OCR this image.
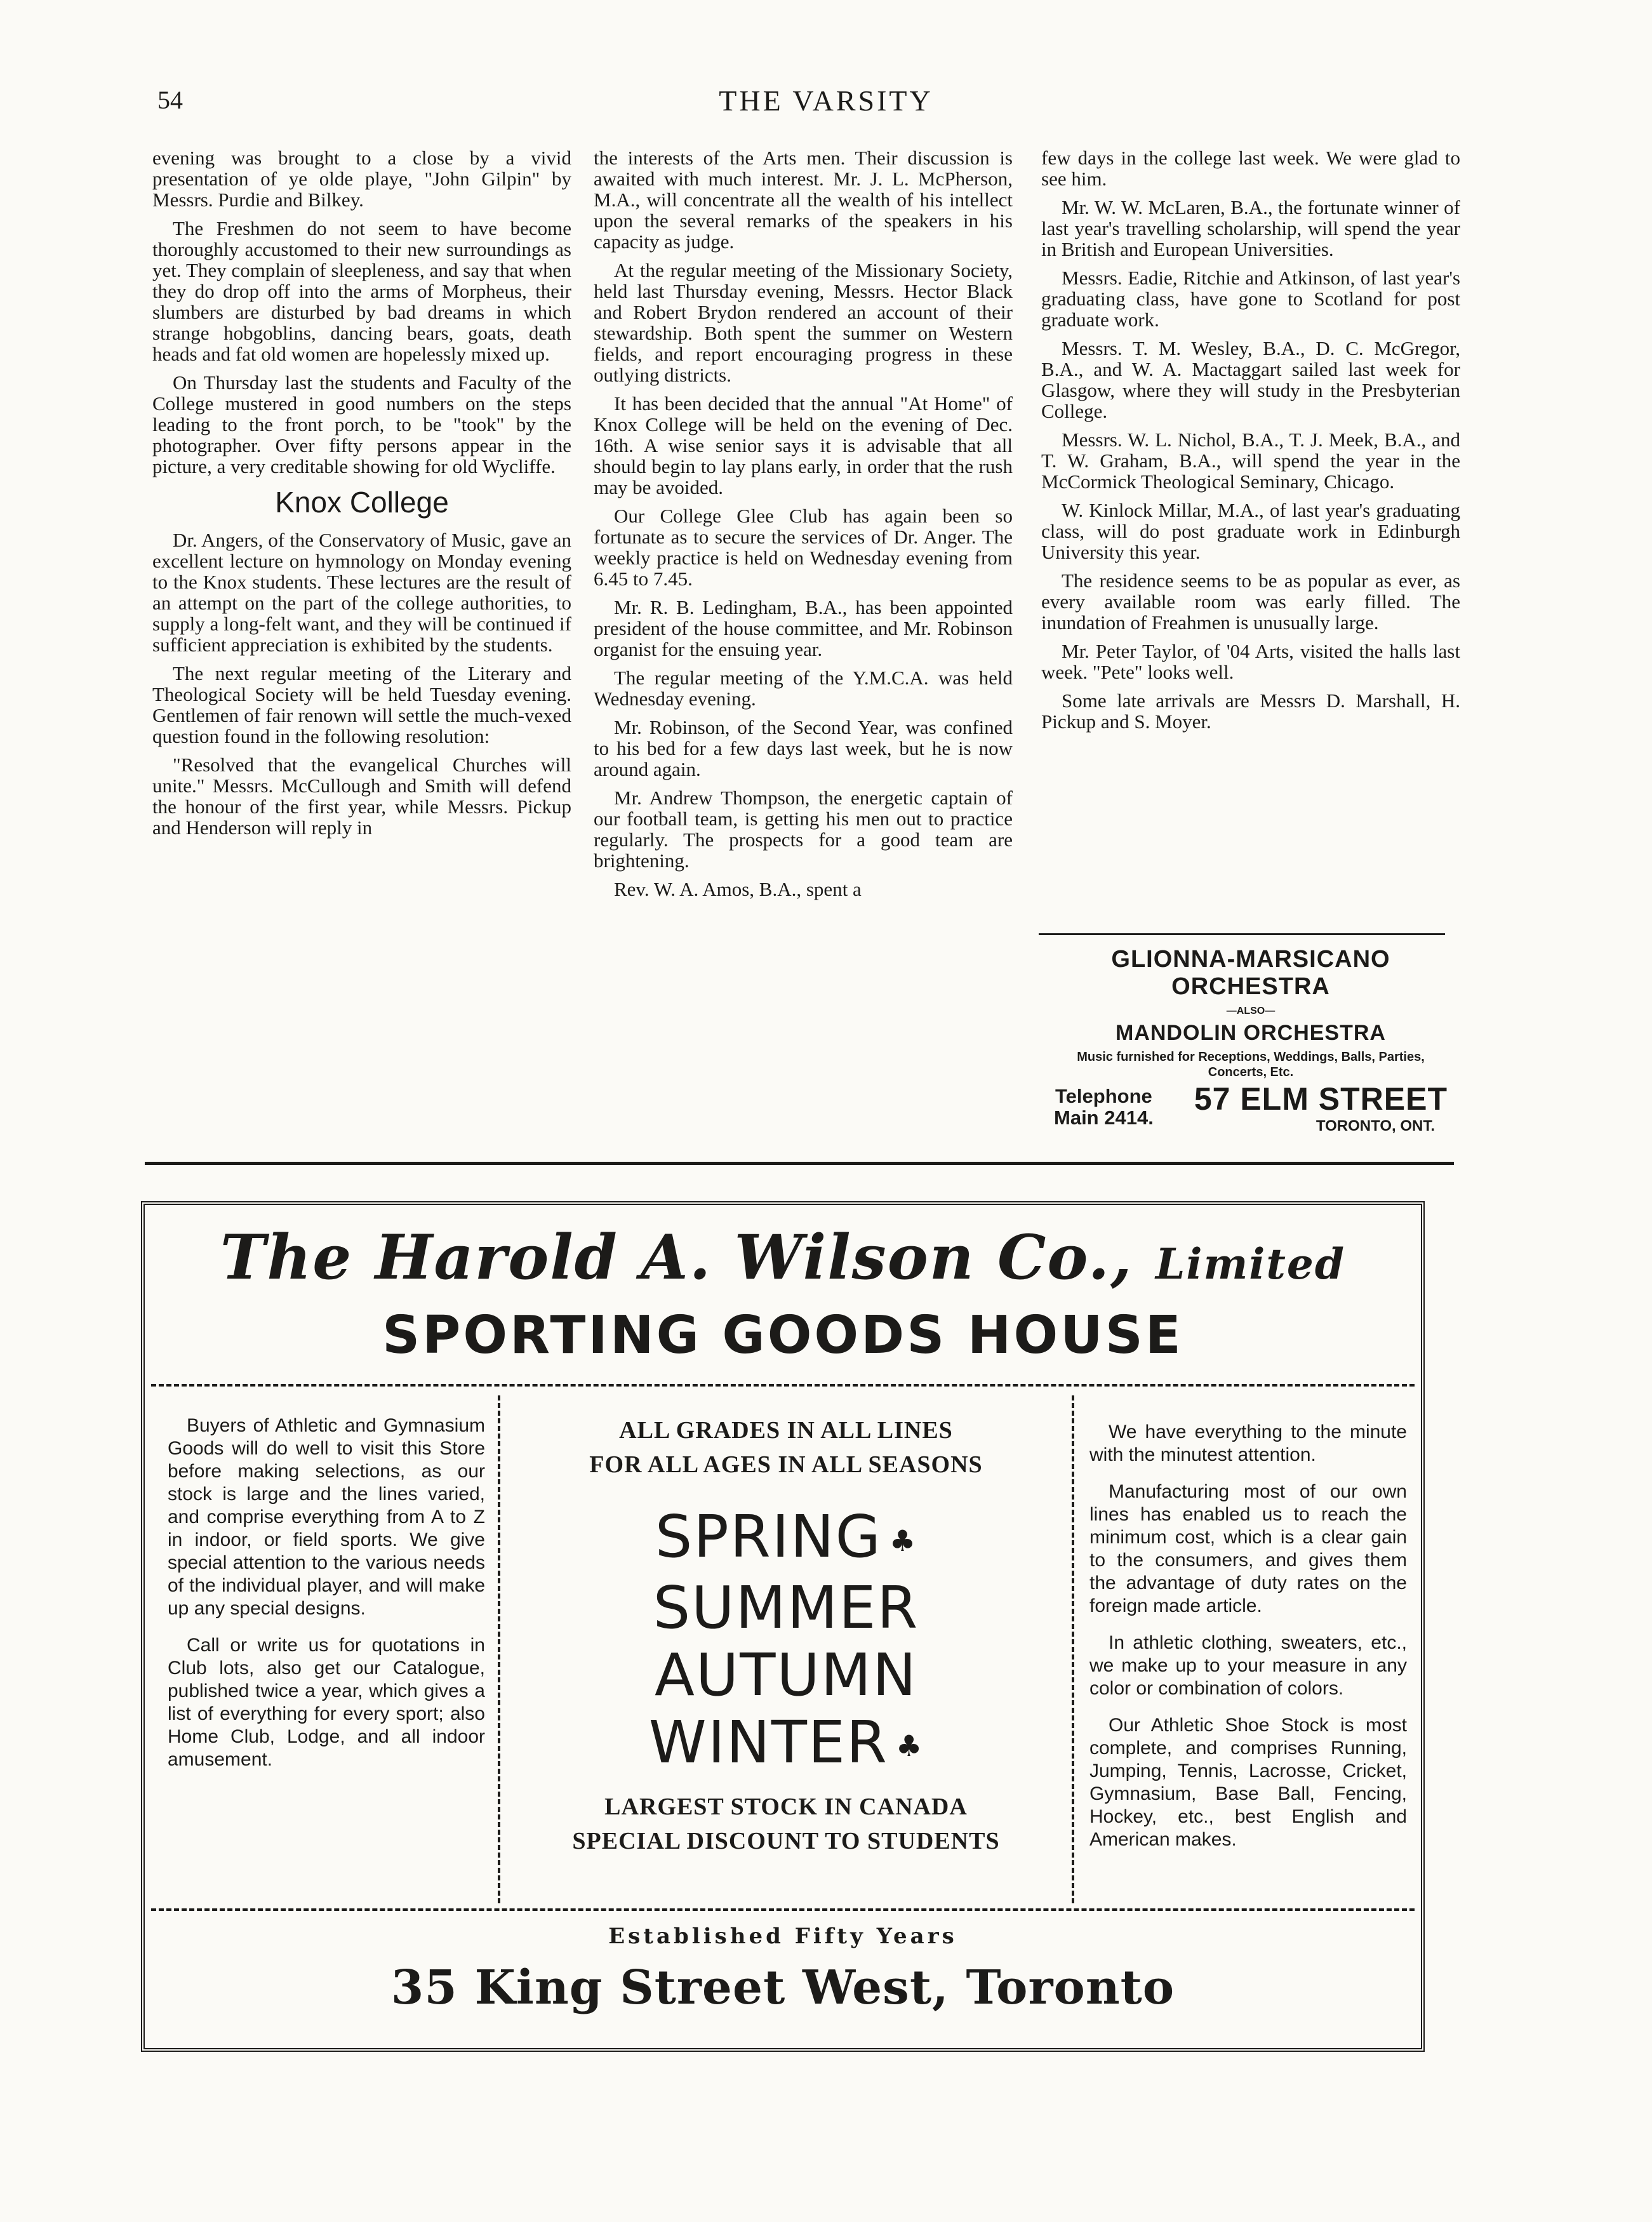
54	THE VARSITY

evening was brought to a close by a vivid presentation of ye olde playe, "John Gilpin" by Messrs. Purdie and Bilkey.

The Freshmen do not seem to have become thoroughly accustomed to their new surroundings as yet. They complain of sleepleness, and say that when they do drop off into the arms of Morpheus, their slumbers are disturbed by bad dreams in which strange hobgoblins, dancing bears, goats, death heads and fat old women are hopelessly mixed up.

On Thursday last the students and Faculty of the College mustered in good numbers on the steps leading to the front porch, to be "took" by the photographer. Over fifty persons appear in the picture, a very creditable showing for old Wycliffe.

Knox College

Dr. Angers, of the Conservatory of Music, gave an excellent lecture on hymnology on Monday evening to the Knox students. These lectures are the result of an attempt on the part of the college authorities, to supply a long-felt want, and they will be continued if sufficient appreciation is exhibited by the students.

The next regular meeting of the Literary and Theological Society will be held Tuesday evening. Gentlemen of fair renown will settle the much-vexed question found in the following resolution:

"Resolved that the evangelical Churches will unite." Messrs. McCullough and Smith will defend the honour of the first year, while Messrs. Pickup and Henderson will reply in

the interests of the Arts men. Their discussion is awaited with much interest. Mr. J. L. McPherson, M.A., will concentrate all the wealth of his intellect upon the several remarks of the speakers in his capacity as judge.

At the regular meeting of the Missionary Society, held last Thursday evening, Messrs. Hector Black and Robert Brydon rendered an account of their stewardship. Both spent the summer on Western fields, and report encouraging progress in these outlying districts.

It has been decided that the annual "At Home" of Knox College will be held on the evening of Dec. 16th. A wise senior says it is advisable that all should begin to lay plans early, in order that the rush may be avoided.

Our College Glee Club has again been so fortunate as to secure the services of Dr. Anger. The weekly practice is held on Wednesday evening from 6.45 to 7.45.

Mr. R. B. Ledingham, B.A., has been appointed president of the house committee, and Mr. Robinson organist for the ensuing year.

The regular meeting of the Y.M.C.A. was held Wednesday evening.

Mr. Robinson, of the Second Year, was confined to his bed for a few days last week, but he is now around again.

Mr. Andrew Thompson, the energetic captain of our football team, is getting his men out to practice regularly. The prospects for a good team are brightening.

Rev. W. A. Amos, B.A., spent a

few days in the college last week. We were glad to see him.

Mr. W. W. McLaren, B.A., the fortunate winner of last year's travelling scholarship, will spend the year in British and European Universities.

Messrs. Eadie, Ritchie and Atkinson, of last year's graduating class, have gone to Scotland for post graduate work.

Messrs. T. M. Wesley, B.A., D. C. McGregor, B.A., and W. A. Mactaggart sailed last week for Glasgow, where they will study in the Presbyterian College.

Messrs. W. L. Nichol, B.A., T. J. Meek, B.A., and T. W. Graham, B.A., will spend the year in the McCormick Theological Seminary, Chicago.

W. Kinlock Millar, M.A., of last year's graduating class, will do post graduate work in Edinburgh University this year.

The residence seems to be as popular as ever, as every available room was early filled. The inundation of Freahmen is unusually large.

Mr. Peter Taylor, of '04 Arts, visited the halls last week. "Pete" looks well.

Some late arrivals are Messrs D. Marshall, H. Pickup and S. Moyer.

GLIONNA-MARSICANO ORCHESTRA
—ALSO—
MANDOLIN ORCHESTRA
Music furnished for Receptions, Weddings, Balls, Parties, Concerts, Etc.
Telephone
Main 2414.
57 ELM STREET
TORONTO, ONT.
The Harold A. Wilson Co., Limited
SPORTING GOODS HOUSE

Buyers of Athletic and Gymnasium Goods will do well to visit this Store before making selections, as our stock is large and the lines varied, and comprise everything from A to Z in indoor, or field sports. We give special attention to the various needs of the individual player, and will make up any special designs.

Call or write us for quotations in Club lots, also get our Catalogue, published twice a year, which gives a list of everything for every sport; also Home Club, Lodge, and all indoor amusement.

ALL GRADES IN ALL LINES
FOR ALL AGES IN ALL SEASONS
SPRING ♣
SUMMER
AUTUMN
WINTER ♣
LARGEST STOCK IN CANADA
SPECIAL DISCOUNT TO STUDENTS

We have everything to the minute with the minutest attention.

Manufacturing most of our own lines has enabled us to reach the minimum cost, which is a clear gain to the consumers, and gives them the advantage of duty rates on the foreign made article.

In athletic clothing, sweaters, etc., we make up to your measure in any color or combination of colors.

Our Athletic Shoe Stock is most complete, and comprises Running, Jumping, Tennis, Lacrosse, Cricket, Gymnasium, Base Ball, Fencing, Hockey, etc., best English and American makes.

Established Fifty Years
35 King Street West, Toronto
